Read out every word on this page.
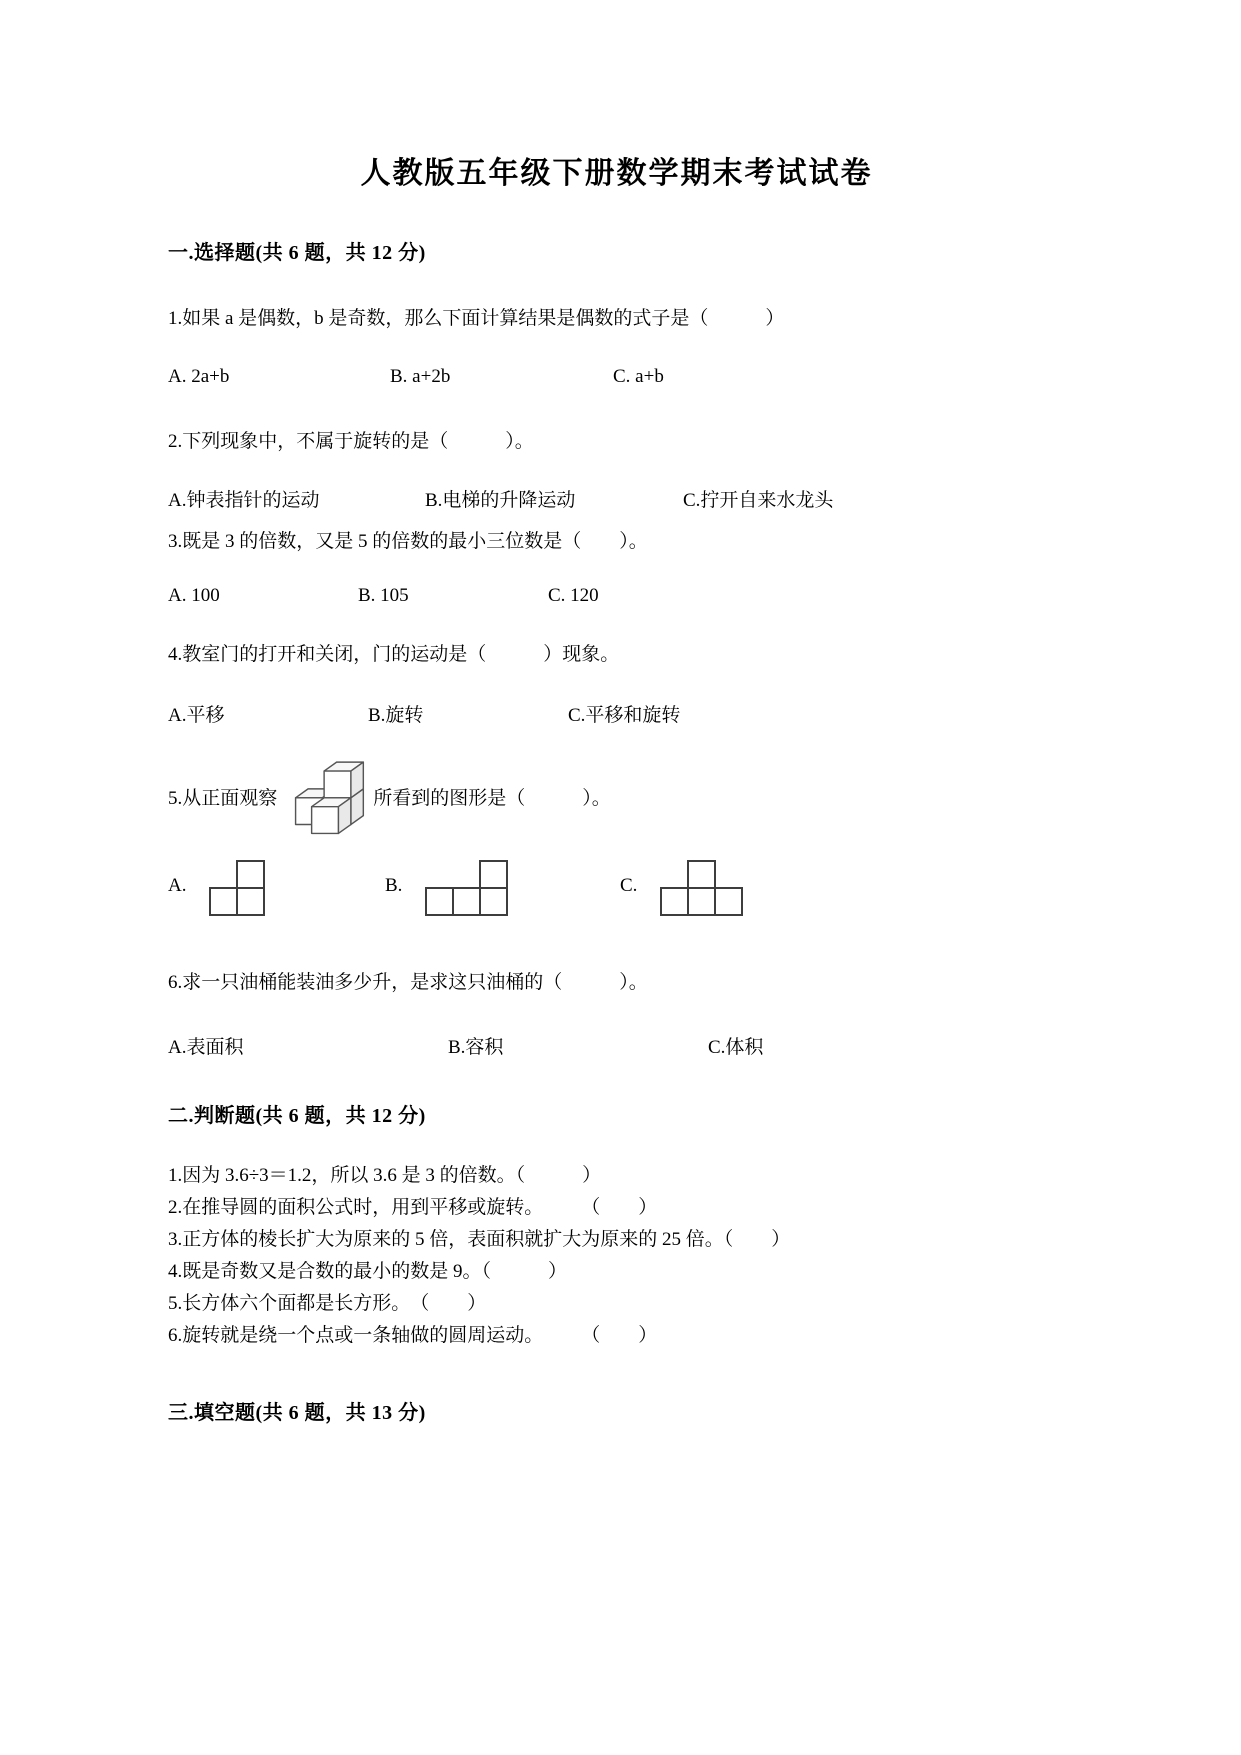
人教版五年级下册数学期末考试试卷
一.选择题(共 6 题，共 12 分)
1.如果 a 是偶数，b 是奇数，那么下面计算结果是偶数的式子是（　　　）
A. 2a+b	B. a+2b	C. a+b
2.下列现象中，不属于旋转的是（　　　）。
A.钟表指针的运动	B.电梯的升降运动	C.拧开自来水龙头
3.既是 3 的倍数，又是 5 的倍数的最小三位数是（　　）。
A. 100	B. 105	C. 120
4.教室门的打开和关闭，门的运动是（　　　）现象。
A.平移	B.旋转	C.平移和旋转
5.从正面观察	所看到的图形是（　　　）。
A.	B.	C.
6.求一只油桶能装油多少升，是求这只油桶的（　　　）。
A.表面积	B.容积	C.体积
二.判断题(共 6 题，共 12 分)
1.因为 3.6÷3＝1.2，所以 3.6 是 3 的倍数。（　　　）
2.在推导圆的面积公式时，用到平移或旋转。　　　（　　）
3.正方体的棱长扩大为原来的 5 倍，表面积就扩大为原来的 25 倍。（　　）
4.既是奇数又是合数的最小的数是 9。（　　　）
5.长方体六个面都是长方形。　（　　）
6.旋转就是绕一个点或一条轴做的圆周运动。　　　（　　）
三.填空题(共 6 题，共 13 分)
